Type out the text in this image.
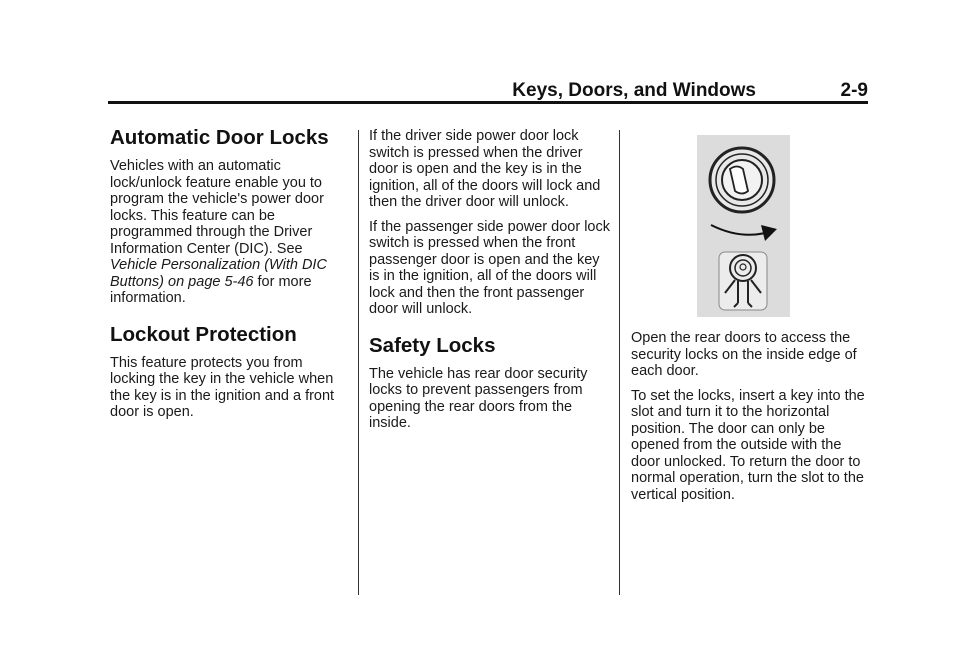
Keys, Doors, and Windows	2-9
Automatic Door Locks

Vehicles with an automatic lock/unlock feature enable you to program the vehicle's power door locks. This feature can be programmed through the Driver Information Center (DIC). See Vehicle Personalization (With DIC Buttons) on page 5‑46 for more information.

Lockout Protection

This feature protects you from locking the key in the vehicle when the key is in the ignition and a front door is open.

If the driver side power door lock switch is pressed when the driver door is open and the key is in the ignition, all of the doors will lock and then the driver door will unlock.

If the passenger side power door lock switch is pressed when the front passenger door is open and the key is in the ignition, all of the doors will lock and then the front passenger door will unlock.

Safety Locks

The vehicle has rear door security locks to prevent passengers from opening the rear doors from the inside.

Open the rear doors to access the security locks on the inside edge of each door.

To set the locks, insert a key into the slot and turn it to the horizontal position. The door can only be opened from the outside with the door unlocked. To return the door to normal operation, turn the slot to the vertical position.
